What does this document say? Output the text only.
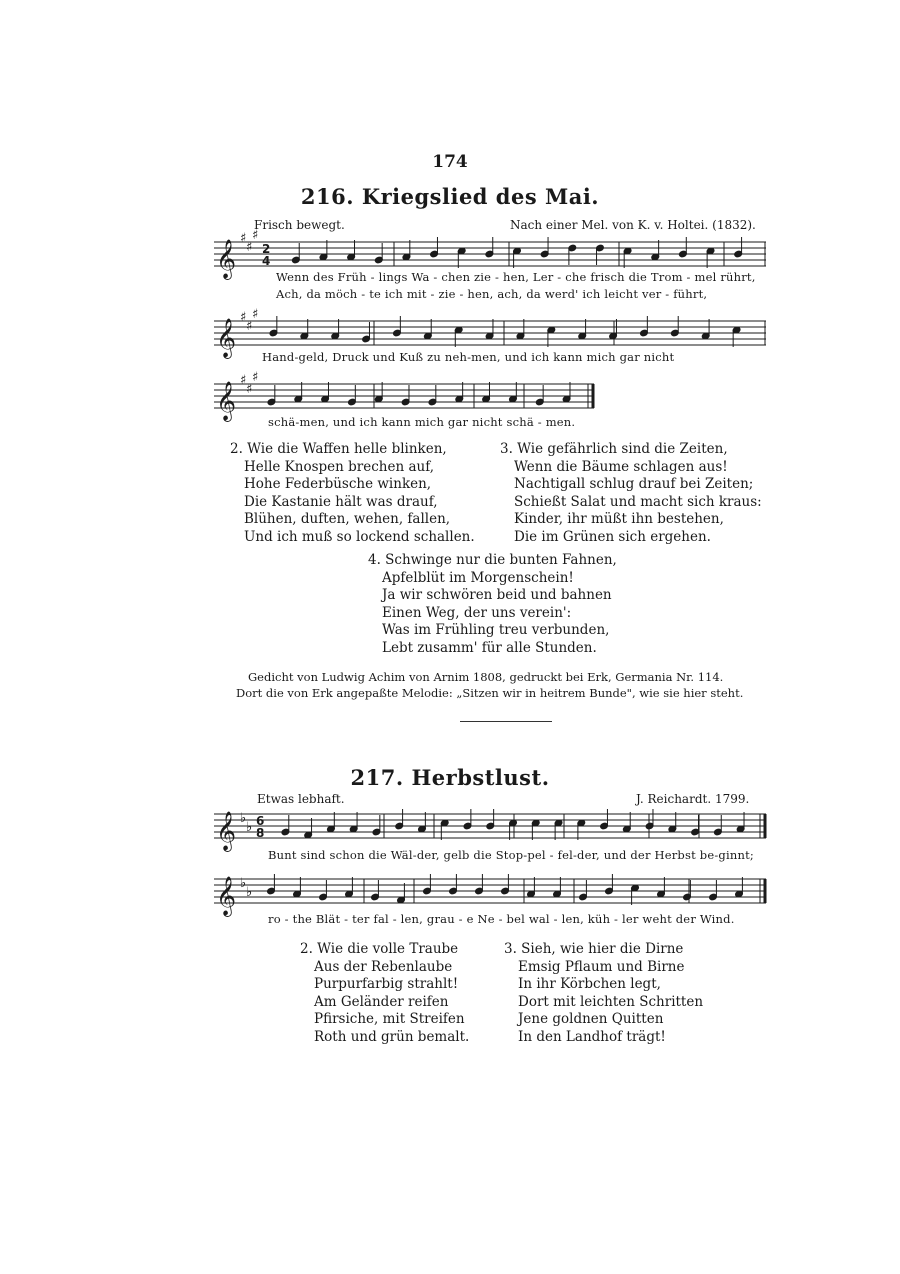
174
216. Kriegslied des Mai.
Frisch bewegt.	Nach einer Mel. von K. v. Holtei. (1832).
𝄞
♯
♯
♯
2
4
Wenn des Früh - lings Wa - chen zie - hen, Ler - che frisch die Trom - mel rührt,
Ach, da möch - te ich mit - zie - hen, ach, da werd' ich leicht ver - führt,
𝄞
♯
♯
♯
Hand-geld, Druck und Kuß zu neh-men, und ich kann mich gar nicht
𝄞
♯
♯
♯
schä-men, und ich kann mich gar nicht schä - men.
2. Wie die Waffen helle blinken,
Helle Knospen brechen auf,
Hohe Federbüsche winken,
Die Kastanie hält was drauf,
Blühen, duften, wehen, fallen,
Und ich muß so lockend schallen.
3. Wie gefährlich sind die Zeiten,
Wenn die Bäume schlagen aus!
Nachtigall schlug drauf bei Zeiten;
Schießt Salat und macht sich kraus:
Kinder, ihr müßt ihn bestehen,
Die im Grünen sich ergehen.
4. Schwinge nur die bunten Fahnen,
Apfelblüt im Morgenschein!
Ja wir schwören beid und bahnen
Einen Weg, der uns verein':
Was im Frühling treu verbunden,
Lebt zusamm' für alle Stunden.
Gedicht von Ludwig Achim von Arnim 1808, gedruckt bei Erk, Germania Nr. 114.
Dort die von Erk angepaßte Melodie: „Sitzen wir in heitrem Bunde", wie sie hier steht.
217. Herbstlust.
Etwas lebhaft.	J. Reichardt. 1799.
𝄞 ♭
♭ 6
8
Bunt sind schon die Wäl-der, gelb die Stop-pel - fel-der, und der Herbst be-ginnt;
𝄞 ♭
♭
ro - the Blät - ter fal - len, grau - e Ne - bel wal - len, küh - ler weht der Wind.
2. Wie die volle Traube
Aus der Rebenlaube
Purpurfarbig strahlt!
Am Geländer reifen
Pfirsiche, mit Streifen
Roth und grün bemalt.
3. Sieh, wie hier die Dirne
Emsig Pflaum und Birne
In ihr Körbchen legt,
Dort mit leichten Schritten
Jene goldnen Quitten
In den Landhof trägt!
